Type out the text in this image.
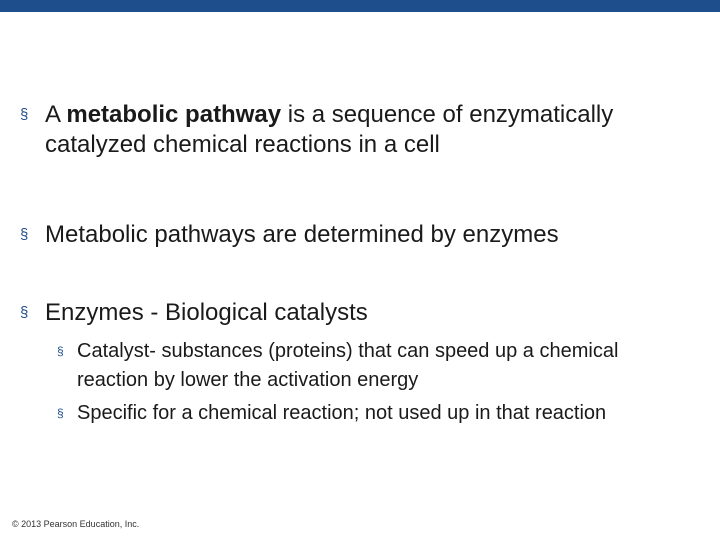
§ A metabolic pathway is a sequence of enzymatically catalyzed chemical reactions in a cell
§ Metabolic pathways are determined by enzymes
§ Enzymes - Biological catalysts
§ Catalyst- substances (proteins) that can speed up a chemical reaction by lower the activation energy
§ Specific for a chemical reaction; not used up in that reaction
© 2013 Pearson Education, Inc.
